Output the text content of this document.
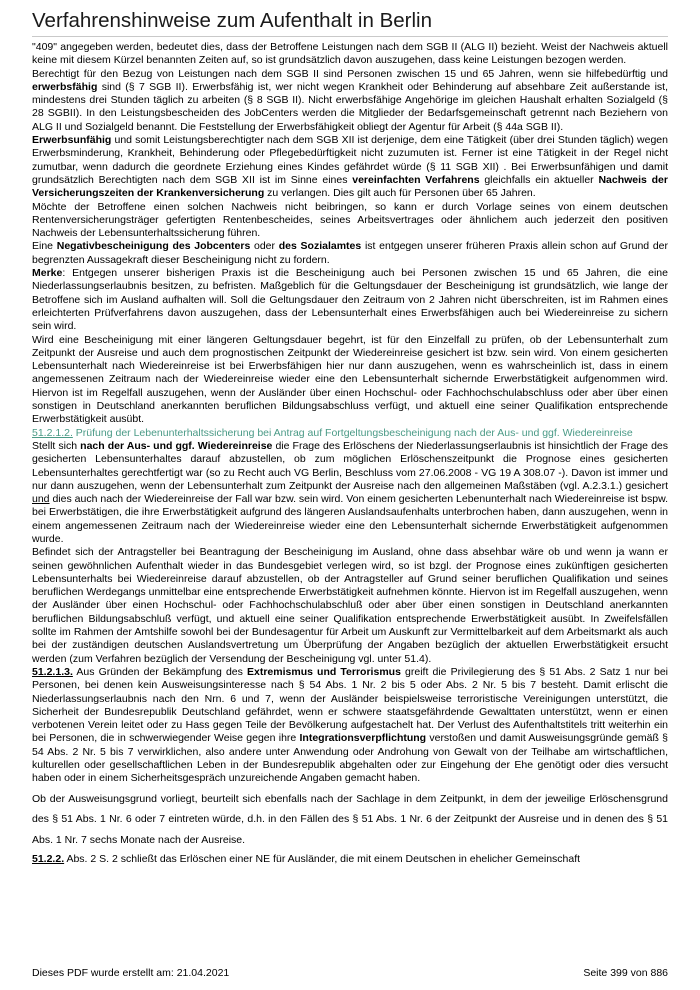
Verfahrenshinweise zum Aufenthalt in Berlin

"409" angegeben werden, bedeutet dies, dass der Betroffene Leistungen nach dem SGB II (ALG II) bezieht. Weist der Nachweis aktuell keine mit diesem Kürzel benannten Zeiten auf, so ist grundsätzlich davon auszugehen, dass keine Leistungen bezogen werden.

Berechtigt für den Bezug von Leistungen nach dem SGB II sind Personen zwischen 15 und 65 Jahren, wenn sie hilfebedürftig und erwerbsfähig sind (§ 7 SGB II). Erwerbsfähig ist, wer nicht wegen Krankheit oder Behinderung auf absehbare Zeit außerstande ist, mindestens drei Stunden täglich zu arbeiten (§ 8 SGB II). Nicht erwerbsfähige Angehörige im gleichen Haushalt erhalten Sozialgeld (§ 28 SGBII). In den Leistungsbescheiden des JobCenters werden die Mitglieder der Bedarfsgemeinschaft getrennt nach Beziehern von ALG II und Sozialgeld benannt. Die Feststellung der Erwerbsfähigkeit obliegt der Agentur für Arbeit (§ 44a SGB II).

Erwerbsunfähig und somit Leistungsberechtigter nach dem SGB XII ist derjenige, dem eine Tätigkeit (über drei Stunden täglich) wegen Erwerbsminderung, Krankheit, Behinderung oder Pflegebedürftigkeit nicht zuzumuten ist. Ferner ist eine Tätigkeit in der Regel nicht zumutbar, wenn dadurch die geordnete Erziehung eines Kindes gefährdet würde (§ 11 SGB XII) . Bei Erwerbsunfähigen und damit grundsätzlich Berechtigten nach dem SGB XII ist im Sinne eines vereinfachten Verfahrens gleichfalls ein aktueller Nachweis der Versicherungszeiten der Krankenversicherung zu verlangen. Dies gilt auch für Personen über 65 Jahren.

Möchte der Betroffene einen solchen Nachweis nicht beibringen, so kann er durch Vorlage seines von einem deutschen Rentenversicherungsträger gefertigten Rentenbescheides, seines Arbeitsvertrages oder ähnlichem auch jederzeit den positiven Nachweis der Lebensunterhaltssicherung führen.

Eine Negativbescheinigung des Jobcenters oder des Sozialamtes ist entgegen unserer früheren Praxis allein schon auf Grund der begrenzten Aussagekraft dieser Bescheinigung nicht zu fordern.

Merke: Entgegen unserer bisherigen Praxis ist die Bescheinigung auch bei Personen zwischen 15 und 65 Jahren, die eine Niederlassungserlaubnis besitzen, zu befristen. Maßgeblich für die Geltungsdauer der Bescheinigung ist grundsätzlich, wie lange der Betroffene sich im Ausland aufhalten will. Soll die Geltungsdauer den Zeitraum von 2 Jahren nicht überschreiten, ist im Rahmen eines erleichterten Prüfverfahrens davon auszugehen, dass der Lebensunterhalt eines Erwerbsfähigen auch bei Wiedereinreise zu sichern sein wird.

Wird eine Bescheinigung mit einer längeren Geltungsdauer begehrt, ist für den Einzelfall zu prüfen, ob der Lebensunterhalt zum Zeitpunkt der Ausreise und auch dem prognostischen Zeitpunkt der Wiedereinreise gesichert ist bzw. sein wird. Von einem gesicherten Lebensunterhalt nach Wiedereinreise ist bei Erwerbsfähigen hier nur dann auszugehen, wenn es wahrscheinlich ist, dass in einem angemessenen Zeitraum nach der Wiedereinreise wieder eine den Lebensunterhalt sichernde Erwerbstätigkeit aufgenommen wird. Hiervon ist im Regelfall auszugehen, wenn der Ausländer über einen Hochschul- oder Fachhochschulabschluss oder aber über einen sonstigen in Deutschland anerkannten beruflichen Bildungsabschluss verfügt, und aktuell eine seiner Qualifikation entsprechende Erwerbstätigkeit ausübt.

51.2.1.2. Prüfung der Lebenunterhaltssicherung bei Antrag auf Fortgeltungsbescheinigung nach der Aus- und ggf. Wiedereinreise

Stellt sich nach der Aus- und ggf. Wiedereinreise die Frage des Erlöschens der Niederlassungserlaubnis ist hinsichtlich der Frage des gesicherten Lebensunterhaltes darauf abzustellen, ob zum möglichen Erlöschenszeitpunkt die Prognose eines gesicherten Lebensunterhaltes gerechtfertigt war (so zu Recht auch VG Berlin, Beschluss vom 27.06.2008 - VG 19 A 308.07 -). Davon ist immer und nur dann auszugehen, wenn der Lebensunterhalt zum Zeitpunkt der Ausreise nach den allgemeinen Maßstäben (vgl. A.2.3.1.) gesichert und dies auch nach der Wiedereinreise der Fall war bzw. sein wird. Von einem gesicherten Lebenunterhalt nach Wiedereinreise ist bspw. bei Erwerbstätigen, die ihre Erwerbstätigkeit aufgrund des längeren Auslandsaufenhalts unterbrochen haben, dann auszugehen, wenn in einem angemessenen Zeitraum nach der Wiedereinreise wieder eine den Lebensunterhalt sichernde Erwerbstätigkeit aufgenommen wurde.

Befindet sich der Antragsteller bei Beantragung der Bescheinigung im Ausland, ohne dass absehbar wäre ob und wenn ja wann er seinen gewöhnlichen Aufenthalt wieder in das Bundesgebiet verlegen wird, so ist bzgl. der Prognose eines zukünftigen gesicherten Lebensunterhalts bei Wiedereinreise darauf abzustellen, ob der Antragsteller auf Grund seiner beruflichen Qualifikation und seines beruflichen Werdegangs unmittelbar eine entsprechende Erwerbstätigkeit aufnehmen könnte. Hiervon ist im Regelfall auszugehen, wenn der Ausländer über einen Hochschul- oder Fachhochschulabschluß oder aber über einen sonstigen in Deutschland anerkannten beruflichen Bildungsabschluß verfügt, und aktuell eine seiner Qualifikation entsprechende Erwerbstätigkeit ausübt. In Zweifelsfällen sollte im Rahmen der Amtshilfe sowohl bei der Bundesagentur für Arbeit um Auskunft zur Vermittelbarkeit auf dem Arbeitsmarkt als auch bei der zuständigen deutschen Auslandsvertretung um Überprüfung der Angaben bezüglich der aktuellen Erwerbstätigkeit ersucht werden (zum Verfahren bezüglich der Versendung der Bescheinigung vgl. unter 51.4).

51.2.1.3. Aus Gründen der Bekämpfung des Extremismus und Terrorismus greift die Privilegierung des § 51 Abs. 2 Satz 1 nur bei Personen, bei denen kein Ausweisungsinteresse nach § 54 Abs. 1 Nr. 2 bis 5 oder Abs. 2 Nr. 5 bis 7 besteht. Damit erlischt die Niederlassungserlaubnis nach den Nrn. 6 und 7, wenn der Ausländer beispielsweise terroristische Vereinigungen unterstützt, die Sicherheit der Bundesrepublik Deutschland gefährdet, wenn er schwere staatsgefährdende Gewalttaten unterstützt, wenn er einen verbotenen Verein leitet oder zu Hass gegen Teile der Bevölkerung aufgestachelt hat. Der Verlust des Aufenthaltstitels tritt weiterhin ein bei Personen, die in schwerwiegender Weise gegen ihre Integrationsverpflichtung verstoßen und damit Ausweisungsgründe gemäß § 54 Abs. 2 Nr. 5 bis 7 verwirklichen, also andere unter Anwendung oder Androhung von Gewalt von der Teilhabe am wirtschaftlichen, kulturellen oder gesellschaftlichen Leben in der Bundesrepublik abgehalten oder zur Eingehung der Ehe genötigt oder dies versucht haben oder in einem Sicherheitsgespräch unzureichende Angaben gemacht haben.

Ob der Ausweisungsgrund vorliegt, beurteilt sich ebenfalls nach der Sachlage in dem Zeitpunkt, in dem der jeweilige Erlöschensgrund des § 51 Abs. 1 Nr. 6 oder 7 eintreten würde, d.h. in den Fällen des § 51 Abs. 1 Nr. 6 der Zeitpunkt der Ausreise und in denen des § 51 Abs. 1 Nr. 7 sechs Monate nach der Ausreise.

51.2.2. Abs. 2 S. 2 schließt das Erlöschen einer NE für Ausländer, die mit einem Deutschen in ehelicher Gemeinschaft

Dieses PDF wurde erstellt am: 21.04.2021	Seite 399 von 886
